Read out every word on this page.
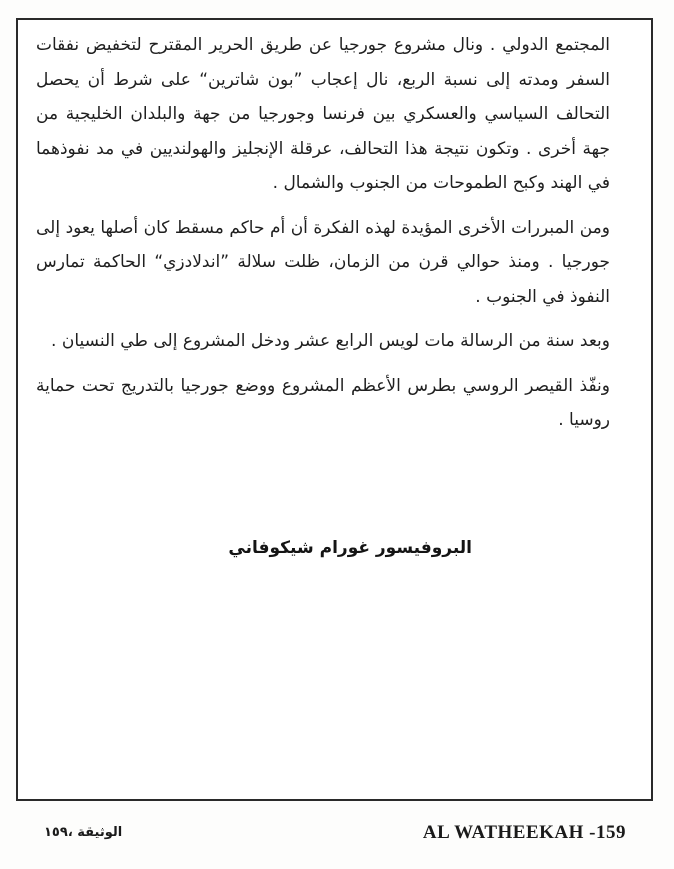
المجتمع الدولي . ونال مشروع جورجيا عن طريق الحرير المقترح لتخفيض نفقات السفر ومدته إلى نسبة الربع، نال إعجاب ”بون شاترين“ على شرط أن يحصل التحالف السياسي والعسكري بين فرنسا وجورجيا من جهة والبلدان الخليجية من جهة أخرى . وتكون نتيجة هذا التحالف، عرقلة الإنجليز والهولنديين في مد نفوذهما في الهند وكبح الطموحات من الجنوب والشمال .

ومن المبررات الأخرى المؤيدة لهذه الفكرة أن أم حاكم مسقط كان أصلها يعود إلى جورجيا . ومنذ حوالي قرن من الزمان، ظلت سلالة ”اندلادزي“ الحاكمة تمارس النفوذ في الجنوب .

وبعد سنة من الرسالة مات لويس الرابع عشر ودخل المشروع إلى طي النسيان .

ونفّذ القيصر الروسي بطرس الأعظم المشروع ووضع جورجيا بالتدريج تحت حماية روسيا .

البروفيسور غورام شيكوفاني
الوثيقة ،١٥٩	AL WATHEEKAH -159
